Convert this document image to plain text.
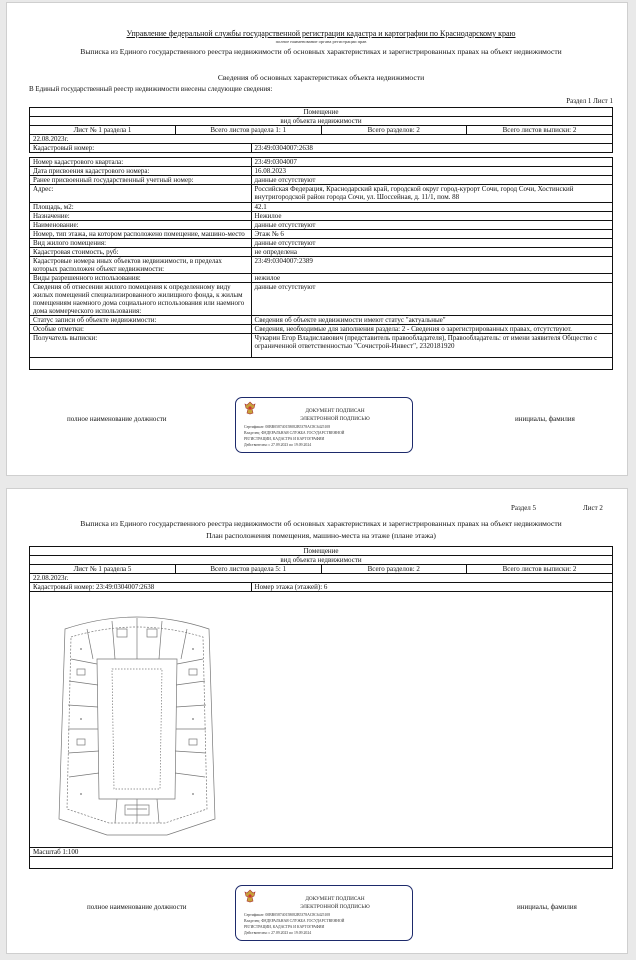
Управление федеральной службы государственной регистрации кадастра и картографии по Краснодарскому краю
полное наименование органа регистрации прав
Выписка из Единого государственного реестра недвижимости об основных характеристиках и зарегистрированных правах на объект недвижимости
Сведения об основных характеристиках объекта недвижимости
В Единый государственный реестр недвижимости внесены следующие сведения:
Раздел 1 Лист 1
Помещение
вид объекта недвижимости

Лист № 1 раздела 1	Всего листов раздела 1: 1	Всего разделов: 2	Всего листов выписки: 2

22.08.2023г.
Кадастровый номер:	23:49:0304007:2638

Номер кадастрового квартала:	23:49:0304007
Дата присвоения кадастрового номера:	16.08.2023
Ранее присвоенный государственный учетный номер:	данные отсутствуют
Адрес:	Российская Федерация, Краснодарский край, городской округ город-курорт Сочи, город Сочи, Хостинский внутригородской район города Сочи, ул. Шоссейная, д. 11/1, пом. 88
Площадь, м2:	42.1
Назначение:	Нежилое
Наименование:	данные отсутствуют
Номер, тип этажа, на котором расположено помещение, машино-место	Этаж № 6
Вид жилого помещения:	данные отсутствуют
Кадастровая стоимость, руб:	не определена
Кадастровые номера иных объектов недвижимости, в пределах которых расположен объект недвижимости:	23:49:0304007:2389
Виды разрешенного использования:	нежилое
Сведения об отнесении жилого помещения к определенному виду жилых помещений специализированного жилищного фонда, к жилым помещениям наемного дома социального использования или наемного дома коммерческого использования:	данные отсутствуют
Статус записи об объекте недвижимости:	Сведения об объекте недвижимости имеют статус "актуальные"
Особые отметки:	Сведения, необходимые для заполнения раздела: 2 - Сведения о зарегистрированных правах, отсутствуют.
Получатель выписки:	Чукарин Егор Владиславович (представитель правообладателя), Правообладатель: от имени заявителя Общество с ограниченной ответственностью "Сочистрой-Инвест", 2320181920

полное наименование должности	инициалы, фамилия
ДОКУМЕНТ ПОДПИСАН
ЭЛЕКТРОННОЙ ПОДПИСЬЮ
Сертификат: 00BB058740158082B5378AC8C6425108
Владелец: ФЕДЕРАЛЬНАЯ СЛУЖБА ГОСУДАРСТВЕННОЙ
РЕГИСТРАЦИИ, КАДАСТРА И КАРТОГРАФИИ
Действителен: с 27.09.2023 по 19.09.2024
Раздел 5	Лист 2
Выписка из Единого государственного реестра недвижимости об основных характеристиках и зарегистрированных правах на объект недвижимости
План расположения помещения, машино-места на этаже (плане этажа)
Помещение
вид объекта недвижимости

Лист № 1 раздела 5	Всего листов раздела 5: 1	Всего разделов: 2	Всего листов выписки: 2

22.08.2023г.
Кадастровый номер: 23:49:0304007:2638	Номер этажа (этажей): 6

Масштаб 1:100

полное наименование должности	инициалы, фамилия
ДОКУМЕНТ ПОДПИСАН
ЭЛЕКТРОННОЙ ПОДПИСЬЮ
Сертификат: 00BB058740158082B5378AC8C6425108
Владелец: ФЕДЕРАЛЬНАЯ СЛУЖБА ГОСУДАРСТВЕННОЙ
РЕГИСТРАЦИИ, КАДАСТРА И КАРТОГРАФИИ
Действителен: с 27.09.2023 по 19.09.2024
